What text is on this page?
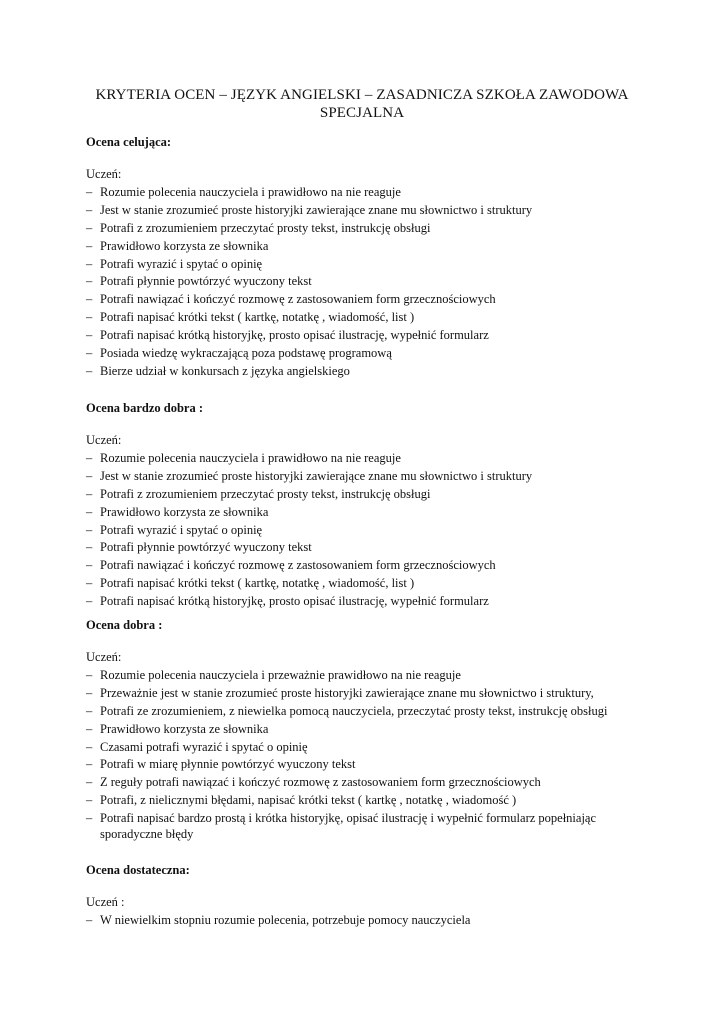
KRYTERIA OCEN – JĘZYK ANGIELSKI – ZASADNICZA SZKOŁA ZAWODOWA SPECJALNA
Ocena celująca:
Uczeń:
– Rozumie polecenia nauczyciela i prawidłowo na nie reaguje
– Jest w stanie zrozumieć proste historyjki zawierające znane mu słownictwo i struktury
– Potrafi z zrozumieniem przeczytać prosty tekst, instrukcję obsługi
– Prawidłowo korzysta ze słownika
– Potrafi wyrazić i spytać o opinię
– Potrafi płynnie powtórzyć wyuczony tekst
– Potrafi nawiązać i kończyć rozmowę z zastosowaniem form grzecznościowych
– Potrafi napisać krótki tekst ( kartkę, notatkę , wiadomość, list )
– Potrafi napisać krótką historyjkę, prosto opisać ilustrację, wypełnić formularz
– Posiada wiedzę wykraczającą poza podstawę programową
– Bierze udział w konkursach z języka angielskiego
Ocena bardzo dobra :
Uczeń:
– Rozumie polecenia nauczyciela i prawidłowo na nie reaguje
– Jest w stanie zrozumieć proste historyjki zawierające znane mu słownictwo i struktury
– Potrafi z zrozumieniem przeczytać prosty tekst, instrukcję obsługi
– Prawidłowo korzysta ze słownika
– Potrafi wyrazić i spytać o opinię
– Potrafi płynnie powtórzyć wyuczony tekst
– Potrafi nawiązać i kończyć rozmowę z zastosowaniem form grzecznościowych
– Potrafi napisać krótki tekst ( kartkę, notatkę , wiadomość, list )
– Potrafi napisać krótką historyjkę, prosto opisać ilustrację, wypełnić formularz
Ocena dobra :
Uczeń:
– Rozumie polecenia nauczyciela i przeważnie prawidłowo na nie reaguje
– Przeważnie jest w stanie zrozumieć proste historyjki zawierające znane mu słownictwo i struktury,
– Potrafi ze zrozumieniem, z niewielka pomocą nauczyciela, przeczytać prosty tekst, instrukcję obsługi
– Prawidłowo korzysta ze słownika
– Czasami potrafi wyrazić i spytać o opinię
– Potrafi w miarę płynnie powtórzyć wyuczony tekst
– Z reguły potrafi nawiązać i kończyć rozmowę z zastosowaniem form grzecznościowych
– Potrafi, z nielicznymi błędami, napisać krótki tekst ( kartkę , notatkę , wiadomość )
– Potrafi napisać bardzo prostą i krótka historyjkę, opisać ilustrację i wypełnić formularz popełniając sporadyczne błędy
Ocena dostateczna:
Uczeń :
– W niewielkim stopniu rozumie polecenia, potrzebuje pomocy nauczyciela
